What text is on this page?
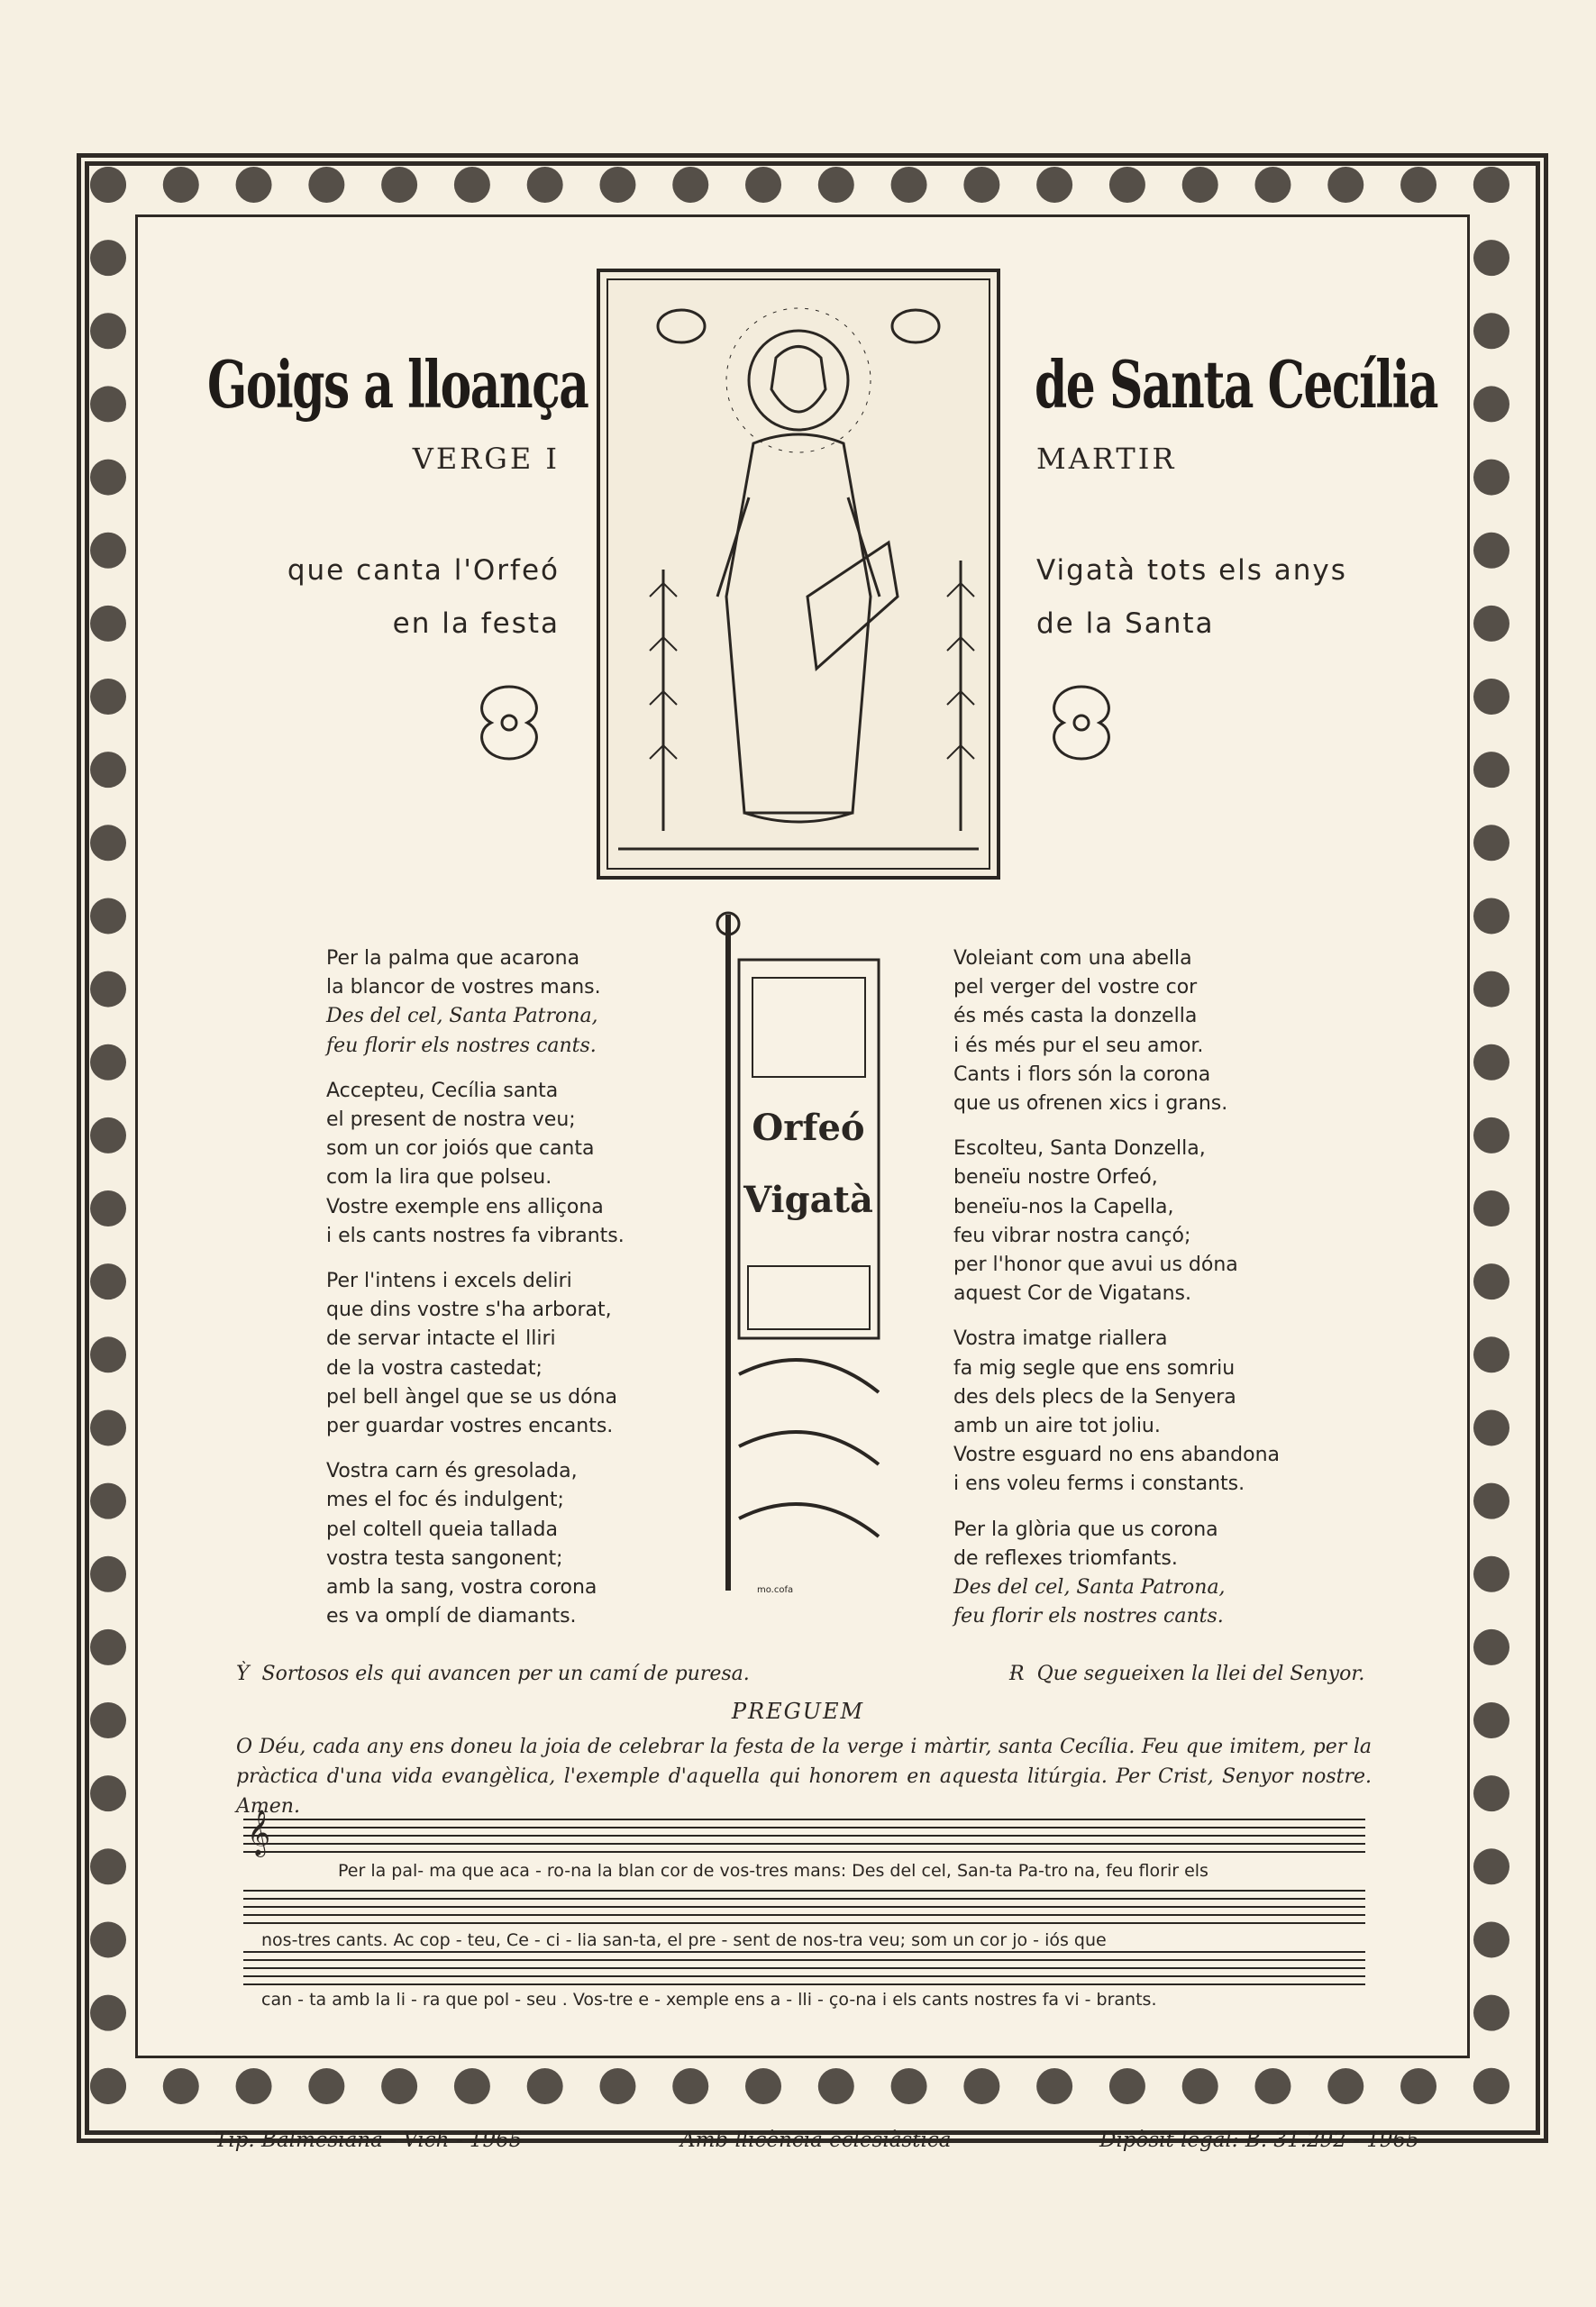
Goigs a lloança	de Santa Cecília
VERGE I	MARTIR
que canta l'Orfeó
en la festa
Vigatà tots els anys
de la Santa
Orfeó
Vigatà
mo.cofa
Per la palma que acarona
la blancor de vostres mans.
Des del cel, Santa Patrona,
feu florir els nostres cants.
Accepteu, Cecília santa
el present de nostra veu;
som un cor joiós que canta
com la lira que polseu.
Vostre exemple ens alliçona
i els cants nostres fa vibrants.
Per l'intens i excels deliri
que dins vostre s'ha arborat,
de servar intacte el lliri
de la vostra castedat;
pel bell àngel que se us dóna
per guardar vostres encants.
Vostra carn és gresolada,
mes el foc és indulgent;
pel coltell queia tallada
vostra testa sangonent;
amb la sang, vostra corona
es va omplí de diamants.
Voleiant com una abella
pel verger del vostre cor
és més casta la donzella
i és més pur el seu amor.
Cants i flors són la corona
que us ofrenen xics i grans.
Escolteu, Santa Donzella,
beneïu nostre Orfeó,
beneïu-nos la Capella,
feu vibrar nostra cançó;
per l'honor que avui us dóna
aquest Cor de Vigatans.
Vostra imatge riallera
fa mig segle que ens somriu
des dels plecs de la Senyera
amb un aire tot joliu.
Vostre esguard no ens abandona
i ens voleu ferms i constants.
Per la glòria que us corona
de reflexes triomfants.
Des del cel, Santa Patrona,
feu florir els nostres cants.
Ỳ Sortosos els qui avancen per un camí de puresa.	Ɍ Que segueixen la llei del Senyor.
PREGUEM
O Déu, cada any ens doneu la joia de celebrar la festa de la verge i màrtir, santa Cecília. Feu que imitem, per la pràctica d'una vida evangèlica, l'exemple d'aquella qui honorem en aquesta litúrgia. Per Crist, Senyor nostre. Amen.
𝄞
Per la pal- ma que aca - ro-na la blan cor de vos-tres mans: Des del cel, San-ta Pa-tro na, feu florir els
nos-tres cants. Ac cop - teu, Ce - ci - lia san-ta, el pre - sent de nos-tra veu; som un cor jo - iós que
can - ta amb la li - ra que pol - seu . Vos-tre e - xemple ens a - lli - ço-na i els cants nostres fa vi - brants.
Tip. Balmesiana - Vich - 1965	Amb llicència eclesiàstica	Dipòsit legal: B. 31.292 - 1965
